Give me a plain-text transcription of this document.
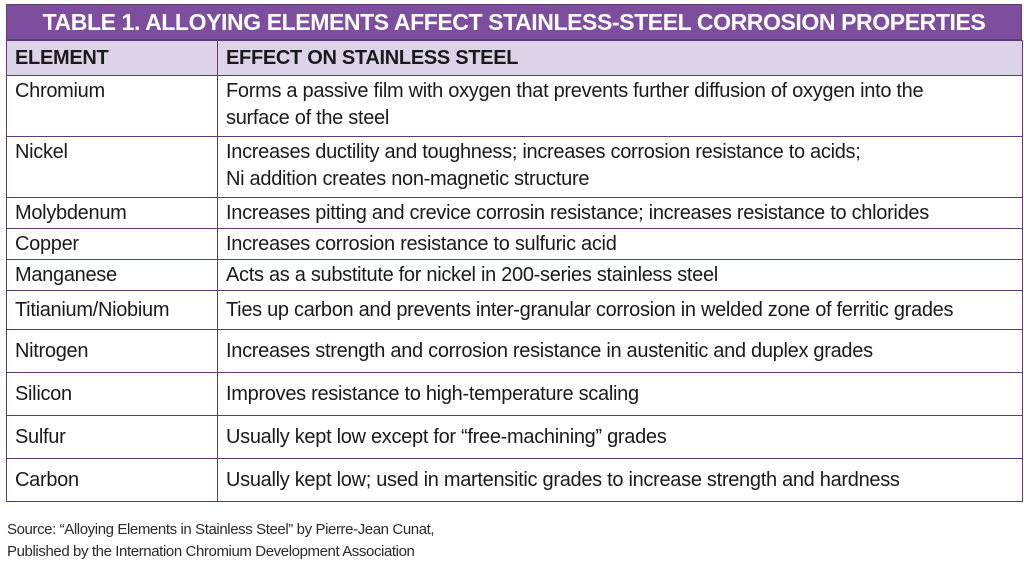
TABLE 1. ALLOYING ELEMENTS AFFECT STAINLESS-STEEL CORROSION PROPERTIES
ELEMENT	EFFECT ON STAINLESS STEEL
Chromium	Forms a passive film with oxygen that prevents further diffusion of oxygen into the
surface of the steel

Nickel	Increases ductility and toughness; increases corrosion resistance to acids;
Ni addition creates non-magnetic structure

Molybdenum	Increases pitting and crevice corrosin resistance; increases resistance to chlorides
Copper	Increases corrosion resistance to sulfuric acid
Manganese	Acts as a substitute for nickel in 200-series stainless steel
Titianium/Niobium	Ties up carbon and prevents inter-granular corrosion in welded zone of ferritic grades
Nitrogen	Increases strength and corrosion resistance in austenitic and duplex grades
Silicon	Improves resistance to high-temperature scaling
Sulfur	Usually kept low except for “free-machining” grades
Carbon	Usually kept low; used in martensitic grades to increase strength and hardness
Source: “Alloying Elements in Stainless Steel” by Pierre-Jean Cunat,
Published by the Internation Chromium Development Association
